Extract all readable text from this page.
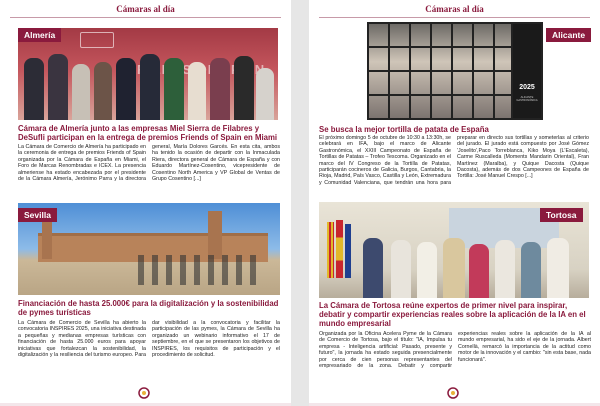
Cámaras al día
FRIENDS OF
Almería
Cámara de Almería junto a las empresas Miel Sierra de Filabres y DeSufli participan en la entrega de premios Friends of Spain en Miami

La Cámara de Comercio de Almería ha participado en la ceremonia de entrega de premios Friends of Spain organizada por la Cámara de España en Miami, el Foro de Marcas Renombradas e ICEX. La presencia almeriense ha estado encabezada por el presidente de la Cámara Almería, Jerónimo Parra y la directora general, María Dolores Garcés. En esta cita, ambos ha tenido la ocasión de departir con la Inmaculada Riera, directora general de Cámara de España y con Eduardo Martínez-Cosentino, vicepresidente de Cosentino North America y VP Global de Ventas de Grupo Cosentino [...]

Sevilla
Financiación de hasta 25.000€ para la digitalización y la sostenibilidad de pymes turísticas

La Cámara de Comercio de Sevilla ha abierto la convocatoria INSPIRES 2025, una iniciativa destinada a pequeñas y medianas empresas turísticas con financiación de hasta 25.000 euros para apoyar iniciativas que fortalezcan la sostenibilidad, la digitalización y la resiliencia del turismo europeo. Para dar visibilidad a la convocatoria y facilitar la participación de las pymes, la Cámara de Sevilla ha organizado un webinario informativo el 17 de septiembre, en el que se presentaron los objetivos de INSPIRES, los requisitos de participación y el procedimiento de solicitud.

Cámaras al día
2025
ALICANTE GASTRONÓMICA
Alicante
Se busca la mejor tortilla de patata de España

El próximo domingo 5 de octubre de 10:30 a 13:30h, se celebrará en IFA, bajo el marco de Alicante Gastronómica, el XXIII Campeonato de España de Tortillas de Patatas – Trofeo Tescoma. Organizado en el marco del IV Congreso de la Tortilla de Patatas, participarán cocineros de Galicia, Burgos, Cantabria, la Rioja, Madrid, País Vasco, Castilla y León, Extremadura y Comunidad Valenciana, que tendrán una hora para preparar en directo sus tortillas y someterlas al criterio del jurado. El jurado está compuesto por José Gómez 'Joselito',Paco Torreblanca, Kiko Moya (L'Escaleta), Carme Ruscalleda (Moments Mandarin Oriental), Fran Martínez (Maralba), y Quique Dacosta (Quique Dacosta), además de dos Campeones de España de Tortilla: José Manuel Crespo [...]

Tortosa
La Cámara de Tortosa reúne expertos de primer nivel para inspirar, debatir y compartir experiencias reales sobre la aplicación de la IA en el mundo empresarial

Organizada por la Oficina Acelera Pyme de la Cámara de Comercio de Tortosa, bajo el título: "IA, Impulsa tu empresa - Inteligencia artificial: Pasado, presente y futuro", la jornada ha estado seguida presencialmente por cerca de cien personas representantes del empresariado de la zona. Debatir y compartir experiencias reales sobre la aplicación de la IA al mundo empresarial, ha sido el eje de la jornada. Albert Cornellà, remarcó la importancia de la actitud como motor de la innovación y el cambio: "sin esta base, nada funcionará".
